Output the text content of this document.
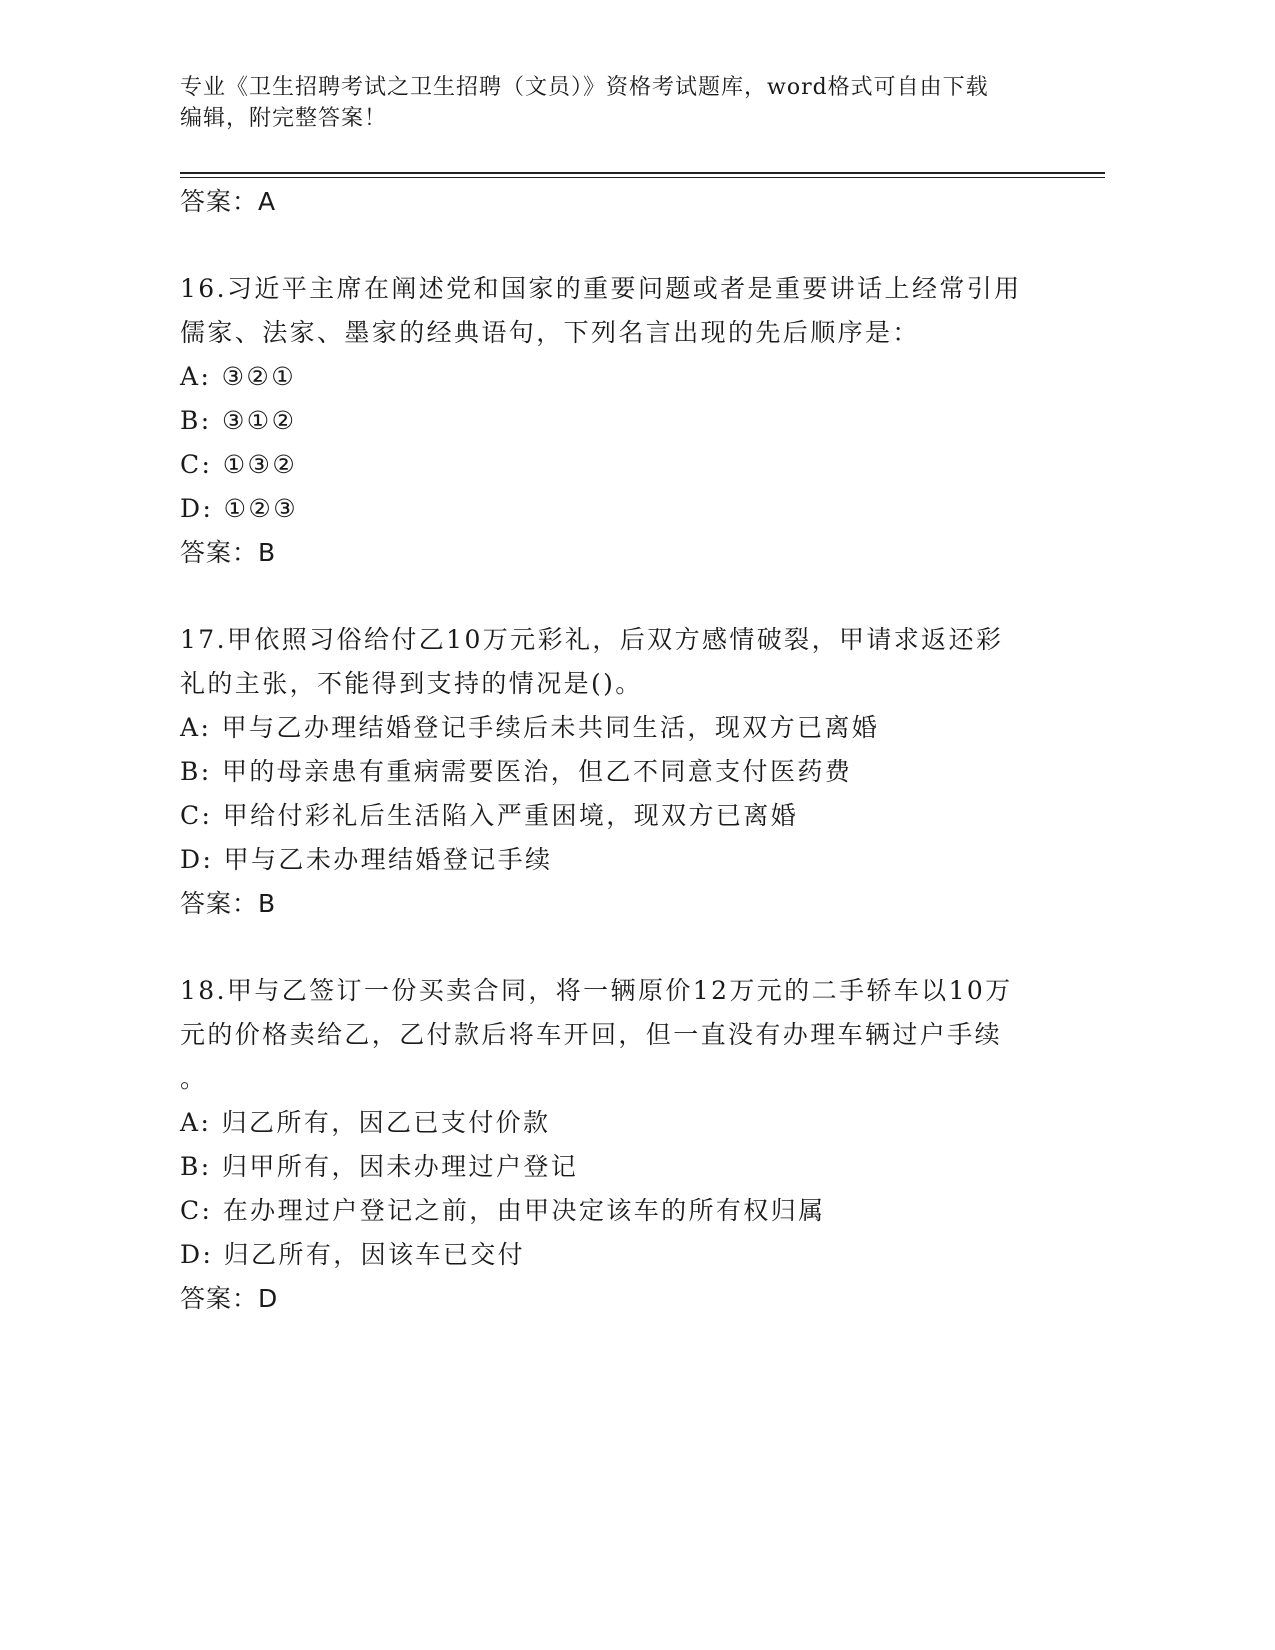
专业《卫生招聘考试之卫生招聘（文员）》资格考试题库，word格式可自由下载
编辑，附完整答案！
答案：A
16.习近平主席在阐述党和国家的重要问题或者是重要讲话上经常引用
儒家、法家、墨家的经典语句，下列名言出现的先后顺序是：
A: ③②①
B: ③①②
C: ①③②
D: ①②③
答案：B
17.甲依照习俗给付乙10万元彩礼，后双方感情破裂，甲请求返还彩
礼的主张，不能得到支持的情况是()。
A: 甲与乙办理结婚登记手续后未共同生活，现双方已离婚
B: 甲的母亲患有重病需要医治，但乙不同意支付医药费
C: 甲给付彩礼后生活陷入严重困境，现双方已离婚
D: 甲与乙未办理结婚登记手续
答案：B
18.甲与乙签订一份买卖合同，将一辆原价12万元的二手轿车以10万
元的价格卖给乙，乙付款后将车开回，但一直没有办理车辆过户手续
。
A: 归乙所有，因乙已支付价款
B: 归甲所有，因未办理过户登记
C: 在办理过户登记之前，由甲决定该车的所有权归属
D: 归乙所有，因该车已交付
答案：D
